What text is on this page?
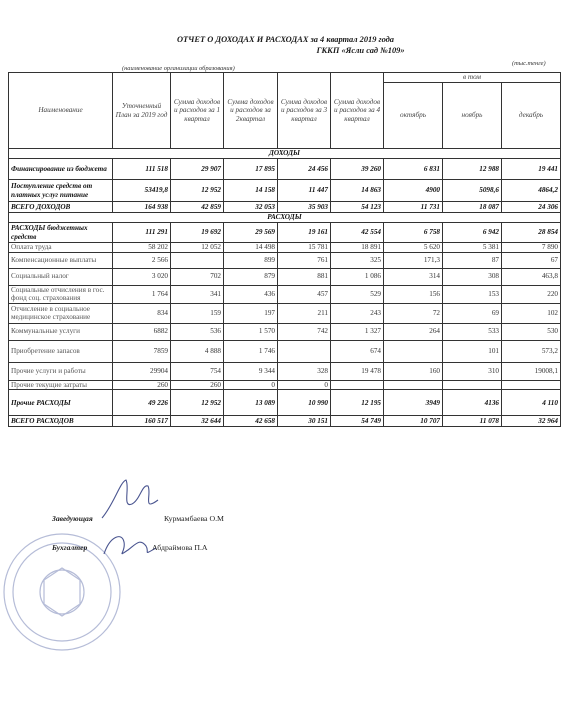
ОТЧЕТ О ДОХОДАХ И РАСХОДАХ за 4 квартал 2019 года
ГККП «Ясли сад №109»
(наименование организации образования)
(тыс.тенге)
Наименование	Уточненный План за 2019 год	Сумма доходов и расходов за 1 квартал	Сумма доходов и расходов за 2квартал	Сумма доходов и расходов за 3 квартал	Сумма доходов и расходов за 4 квартал	в том		
						октябрь	ноябрь	декабрь
ДОХОДЫ								
Финансирование из бюджета	111 518	29 907	17 895	24 456	39 260	6 831	12 988	19 441
Поступление средств от платных услуг питание	53419,8	12 952	14 158	11 447	14 863	4900	5098,6	4864,2
ВСЕГО ДОХОДОВ	164 938	42 859	32 053	35 903	54 123	11 731	18 087	24 306
РАСХОДЫ								
РАСХОДЫ бюджетных средств	111 291	19 692	29 569	19 161	42 554	6 758	6 942	28 854
Оплата труда	58 202	12 052	14 498	15 781	18 891	5 620	5 381	7 890
Компенсационные выплаты	2 566		899	761	325	171,3	87	67
Социальный налог	3 020	702	879	881	1 086	314	308	463,8
Социальные отчисления в гос. фонд соц. страхования	1 764	341	436	457	529	156	153	220
Отчисление в социальное медицинское страхование	834	159	197	211	243	72	69	102
Коммунальные услуги	6882	536	1 570	742	1 327	264	533	530
Приобретение запасов	7859	4 888	1 746		674		101	573,2
Прочие услуги и работы	29904	754	9 344	328	19 478	160	310	19008,1
Прочие текущие затраты	260	260	0	0				
Прочие РАСХОДЫ	49 226	12 952	13 089	10 990	12 195	3949	4136	4 110
ВСЕГО РАСХОДОВ	160 517	32 644	42 658	30 151	54 749	10 707	11 078	32 964
Заведующая	Курмамбаева О.М
Бухгалтер	Абдраймова П.А
